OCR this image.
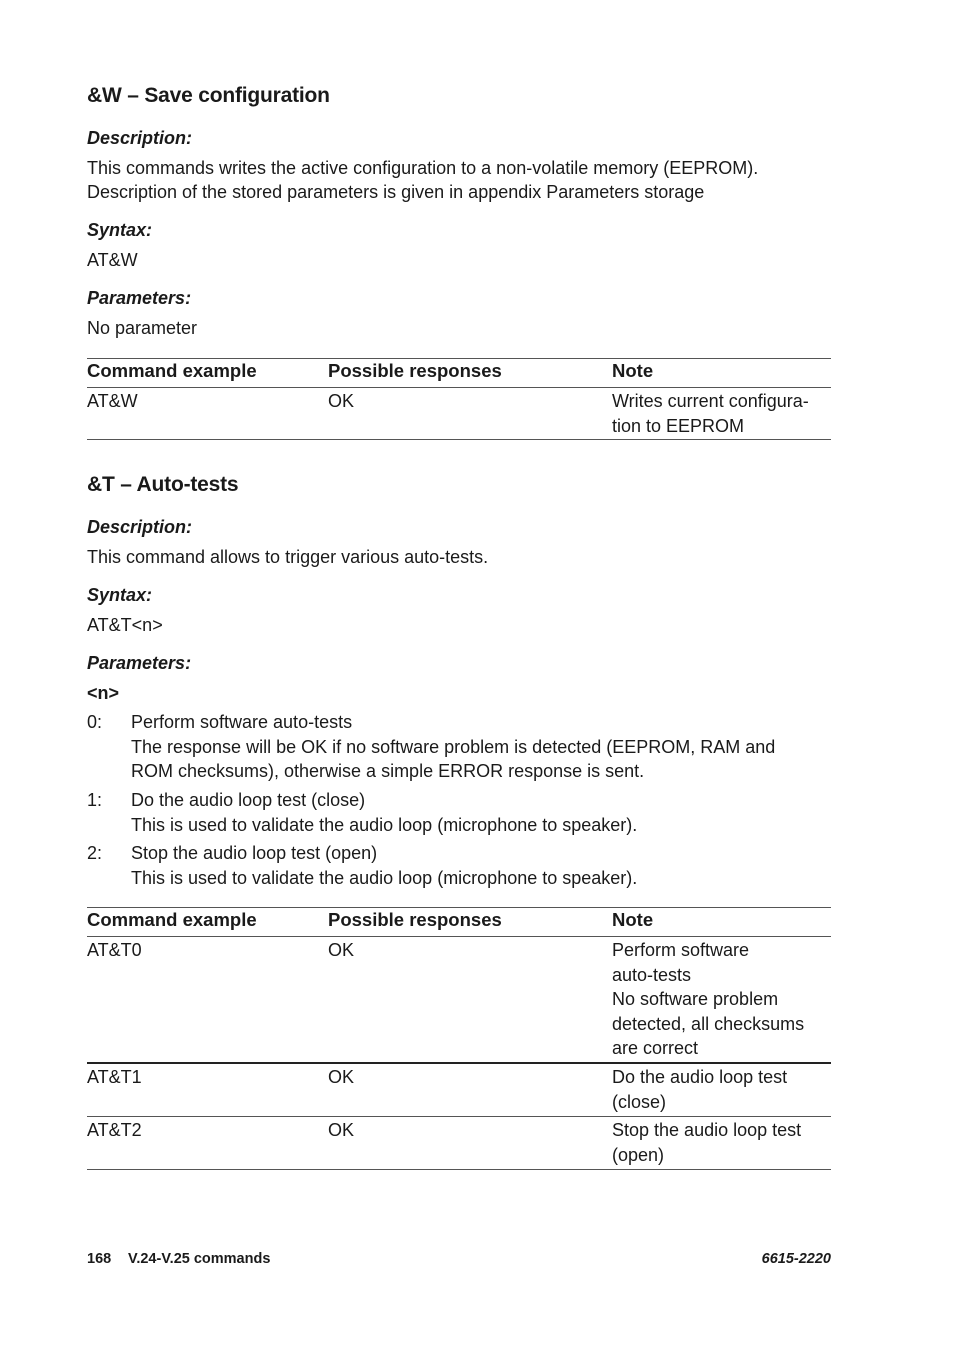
&W – Save configuration

Description:

This commands writes the active configuration to a non-volatile memory (EEPROM).

Description of the stored parameters is given in appendix Parameters storage

Syntax:

AT&W

Parameters:

No parameter

Command example	Possible responses	Note
AT&W	OK	Writes current configura-
tion to EEPROM
&T – Auto-tests

Description:

This command allows to trigger various auto-tests.

Syntax:

AT&T<n>

Parameters:

<n>

0: Perform software auto-tests
The response will be OK if no software problem is detected (EEPROM, RAM and
ROM checksums), otherwise a simple ERROR response is sent.
1: Do the audio loop test (close)
This is used to validate the audio loop (microphone to speaker).
2: Stop the audio loop test (open)
This is used to validate the audio loop (microphone to speaker).
Command example	Possible responses	Note
AT&T0	OK	Perform software
auto-tests
No software problem
detected, all checksums
are correct
AT&T1	OK	Do the audio loop test
(close)
AT&T2	OK	Stop the audio loop test
(open)
168 V.24-V.25 commands	6615-2220
